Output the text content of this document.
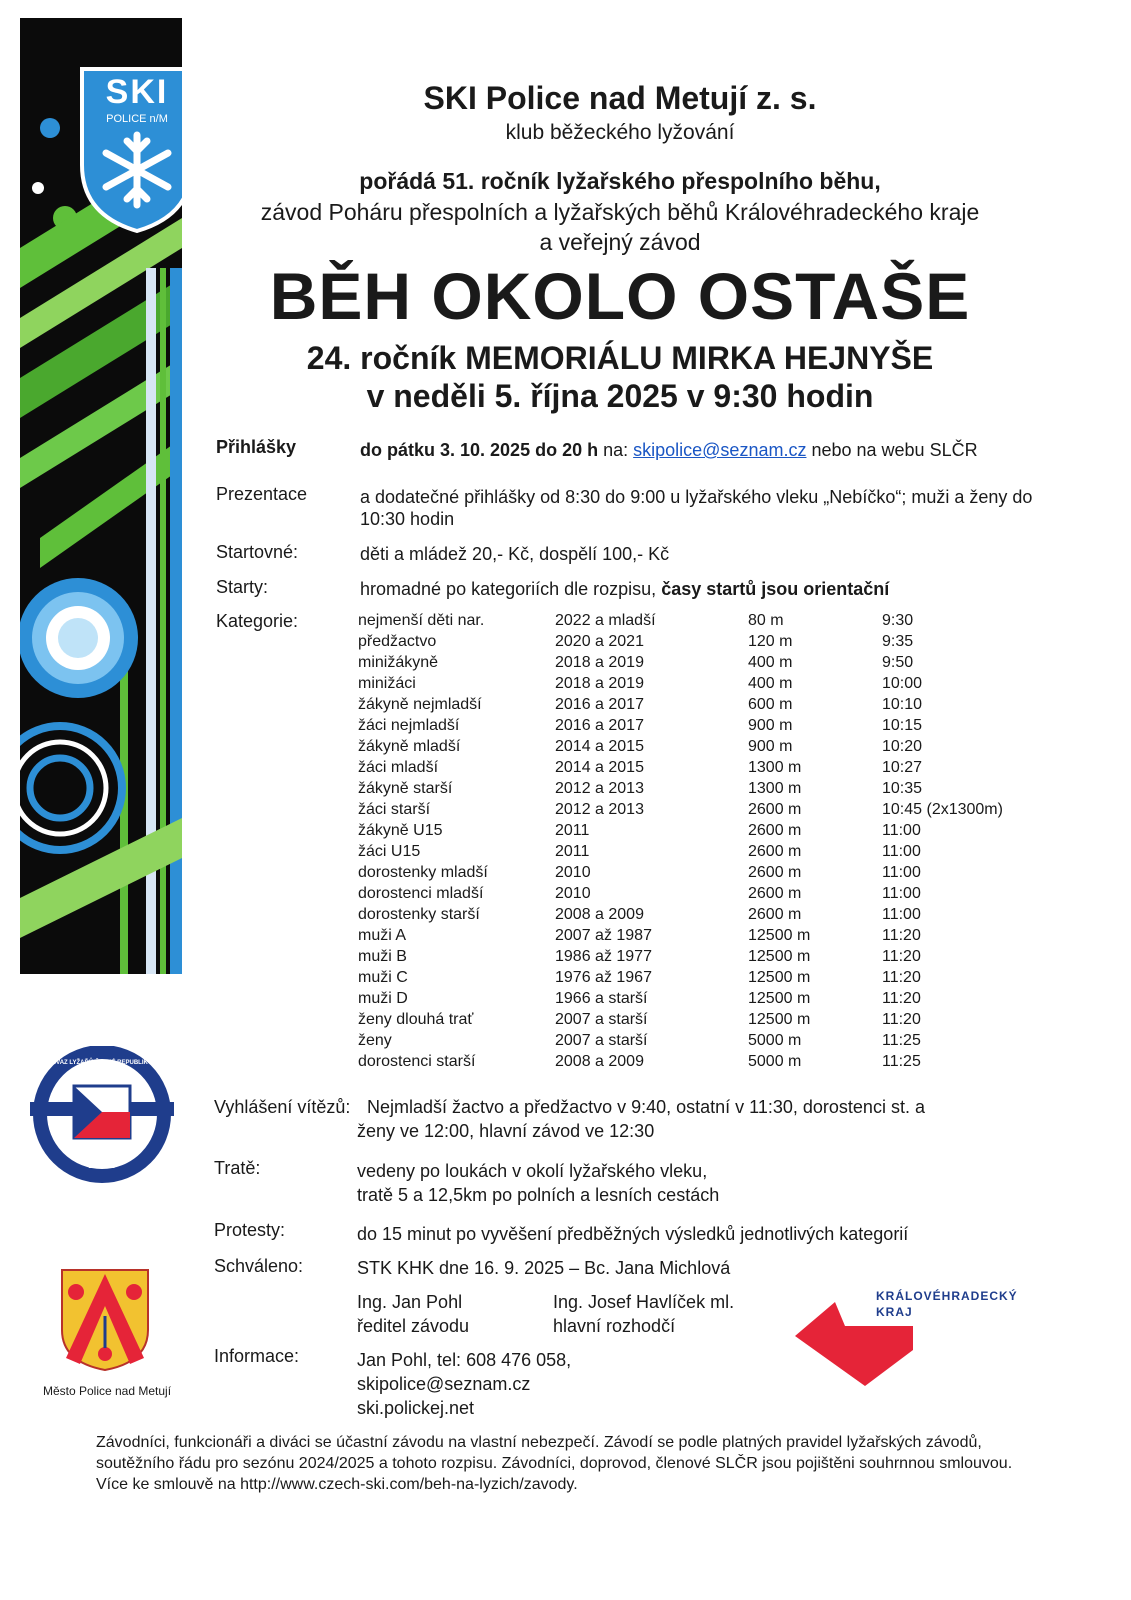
SKI
POLICE n/M
SKI Police nad Metují z. s.
klub běžeckého lyžování
pořádá 51. ročník lyžařského přespolního běhu,
závod Poháru přespolních a lyžařských běhů Královéhradeckého kraje
a veřejný závod
BĚH OKOLO OSTAŠE
24. ročník MEMORIÁLU MIRKA HEJNYŠE
v neděli 5. října 2025 v 9:30 hodin
Přihlášky	do pátku 3. 10. 2025 do 20 h na: skipolice@seznam.cz nebo na webu SLČR
Prezentace	a dodatečné přihlášky od 8:30 do 9:00 u lyžařského vleku „Nebíčko“; muži a ženy do 10:30 hodin
Startovné:	děti a mládež 20,- Kč, dospělí 100,- Kč
Starty:	hromadné po kategoriích dle rozpisu, časy startů jsou orientační
Kategorie:	nejmenší děti nar.	2022 a mladší	80 m	9:30
předžactvo	2020 a 2021	120 m	9:35
minižákyně	2018 a 2019	400 m	9:50
minižáci	2018 a 2019	400 m	10:00
žákyně nejmladší	2016 a 2017	600 m	10:10
žáci nejmladší	2016 a 2017	900 m	10:15
žákyně mladší	2014 a 2015	900 m	10:20
žáci mladší	2014 a 2015	1300 m	10:27
žákyně starší	2012 a 2013	1300 m	10:35
žáci starší	2012 a 2013	2600 m	10:45 (2x1300m)
žákyně U15	2011	2600 m	11:00
žáci U15	2011	2600 m	11:00
dorostenky mladší	2010	2600 m	11:00
dorostenci mladší	2010	2600 m	11:00
dorostenky starší	2008 a 2009	2600 m	11:00
muži A	2007 až 1987	12500 m	11:20
muži B	1986 až 1977	12500 m	11:20
muži C	1976 až 1967	12500 m	11:20
muži D	1966 a starší	12500 m	11:20
ženy dlouhá trať	2007 a starší	12500 m	11:20
ženy	2007 a starší	5000 m	11:25
dorostenci starší	2008 a 2009	5000 m	11:25
Vyhlášení vítězů: Nejmladší žactvo a předžactvo v 9:40, ostatní v 11:30, dorostenci st. a
ženy ve 12:00, hlavní závod ve 12:30
Tratě:	vedeny po loukách v okolí lyžařského vleku,
tratě 5 a 12,5km po polních a lesních cestách
Protesty:	do 15 minut po vyvěšení předběžných výsledků jednotlivých kategorií
Schváleno:	STK KHK dne 16. 9. 2025 – Bc. Jana Michlová
Ing. Jan Pohl
ředitel závodu
Ing. Josef Havlíček ml.
hlavní rozhodčí
Informace:	Jan Pohl, tel: 608 476 058,
skipolice@seznam.cz
ski.polickej.net
SVAZ LYŽAŘŮ ČESKÉ REPUBLIKY
1 9 0 3
Město Police nad Metují
KRÁLOVÉHRADECKÝ
KRAJ
Závodníci, funkcionáři a diváci se účastní závodu na vlastní nebezpečí. Závodí se podle platných pravidel lyžařských závodů, soutěžního řádu pro sezónu 2024/2025 a tohoto rozpisu. Závodníci, doprovod, členové SLČR jsou pojištěni souhrnnou smlouvou. Více ke smlouvě na http://www.czech-ski.com/beh-na-lyzich/zavody.
